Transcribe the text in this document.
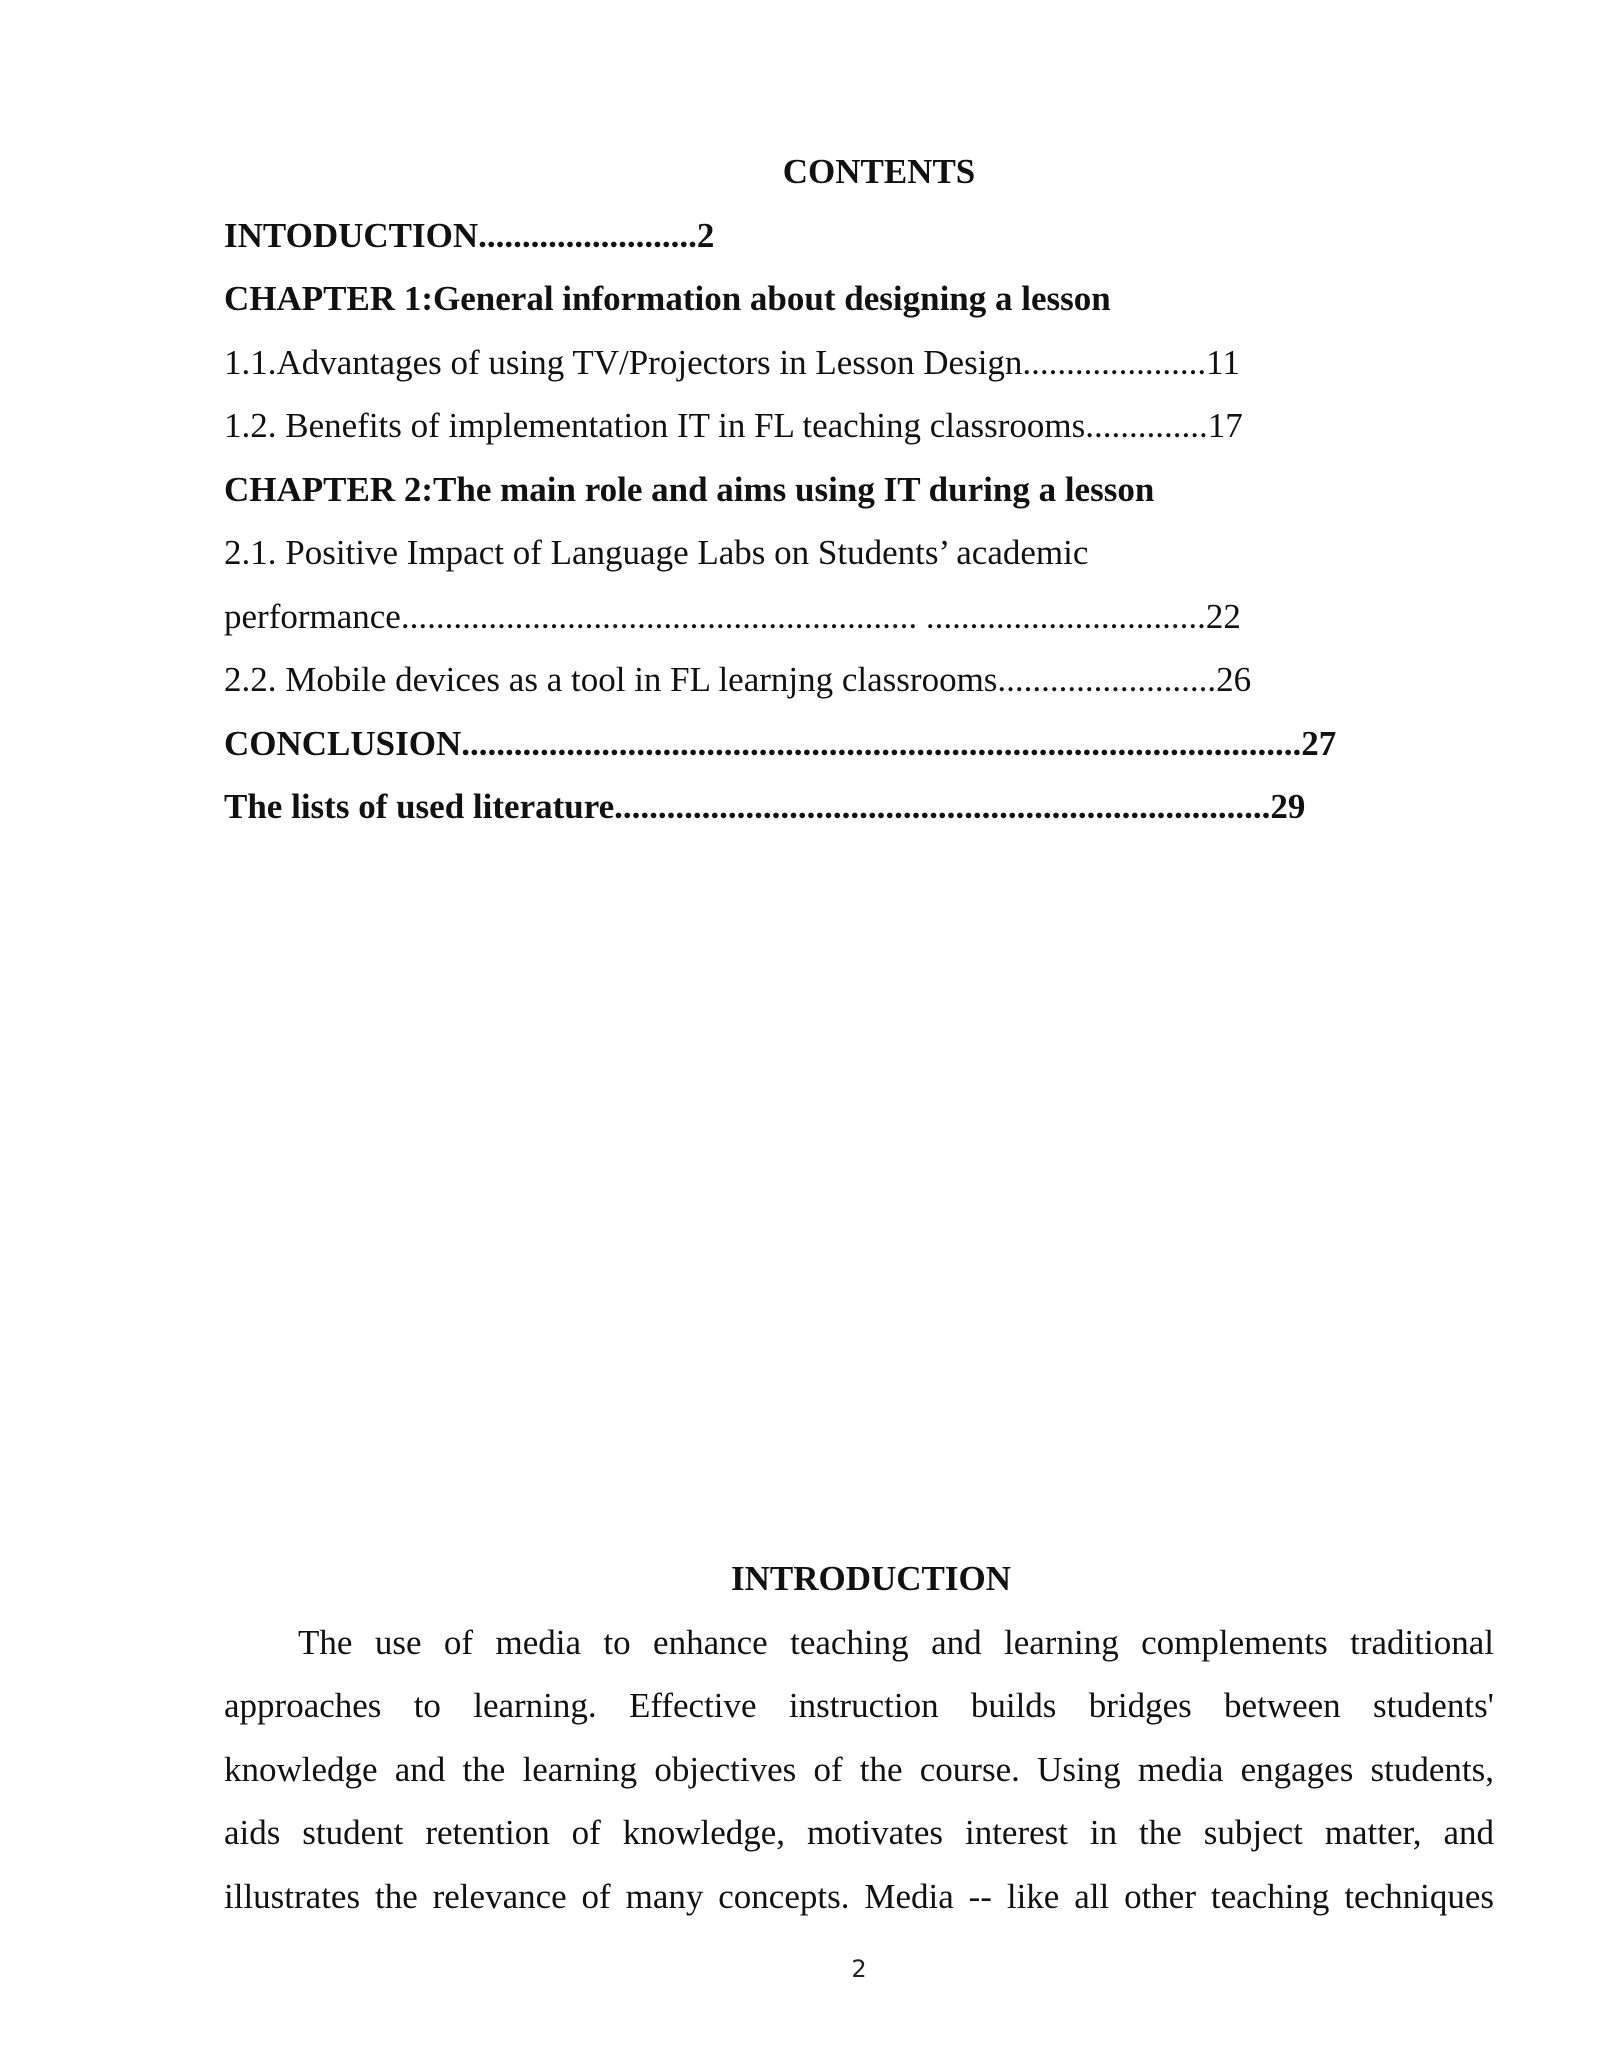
CONTENTS

INTODUCTION.........................2

CHAPTER 1:General information about designing a lesson

1.1.Advantages of using TV/Projectors in Lesson Design.....................11

1.2. Benefits of implementation IT in FL teaching classrooms..............17

CHAPTER 2:The main role and aims using IT during a lesson

2.1. Positive Impact of Language Labs on Students’ academic

performance........................................................... ................................22

2.2. Mobile devices as a tool in FL learnjng classrooms.........................26

CONCLUSION................................................................................................27

The lists of used literature...........................................................................29

INTRODUCTION

The use of media to enhance teaching and learning complements traditional

approaches to learning. Effective instruction builds bridges between students'

knowledge and the learning objectives of the course. Using media engages students,

aids student retention of knowledge, motivates interest in the subject matter, and

illustrates the relevance of many concepts. Media -- like all other teaching techniques

2
